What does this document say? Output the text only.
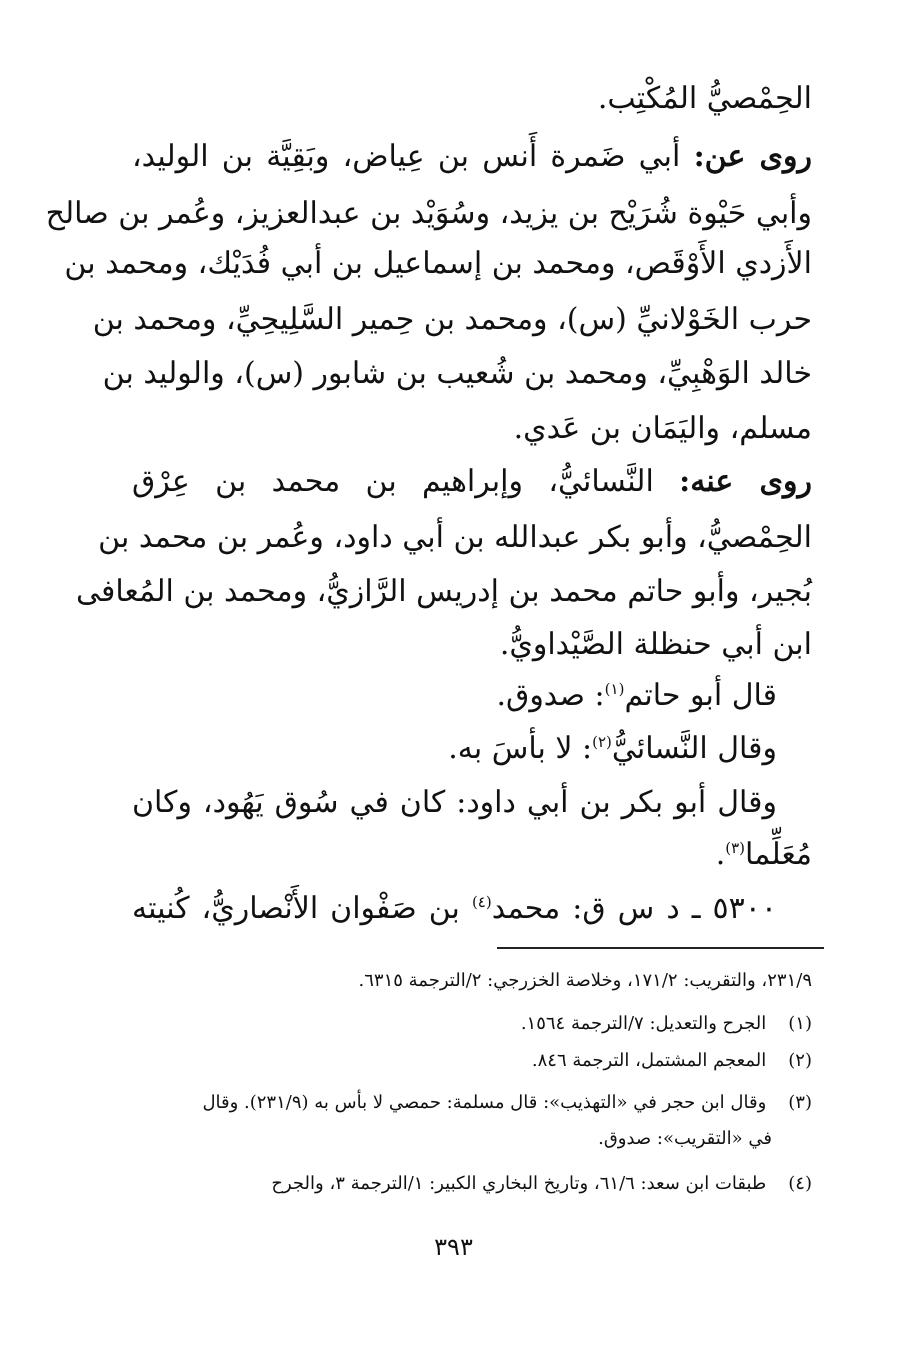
الحِمْصيُّ المُكْتِب.
روى عن: أبي ضَمرة أَنس بن عِياض، وبَقِيَّة بن الوليد،
وأبي حَيْوة شُرَيْح بن يزيد، وسُوَيْد بن عبدالعزيز، وعُمر بن صالح
الأَزدي الأَوْقَص، ومحمد بن إسماعيل بن أبي فُدَيْك، ومحمد بن
حرب الخَوْلانيِّ (س)، ومحمد بن حِمير السَّلِيحِيِّ، ومحمد بن
خالد الوَهْبِيِّ، ومحمد بن شُعيب بن شابور (س)، والوليد بن
مسلم، واليَمَان بن عَدي.
روى عنه: النَّسائيُّ، وإبراهيم بن محمد بن عِرْق
الحِمْصيُّ، وأبو بكر عبدالله بن أبي داود، وعُمر بن محمد بن
بُجير، وأبو حاتم محمد بن إدريس الرَّازيُّ، ومحمد بن المُعافى
ابن أبي حنظلة الصَّيْداويُّ.
قال أبو حاتم$^{(١)}$: صدوق.
وقال النَّسائيُّ$^{(٢)}$: لا بأسَ به.
وقال أبو بكر بن أبي داود: كان في سُوق يَهُود، وكان
مُعَلِّما$^{(٣)}$.
٥٣٠٠ ـ د س ق: محمد$^{(٤)}$ بن صَفْوان الأَنْصاريُّ، كُنيته
٢٣١/٩، والتقريب: ١٧١/٢، وخلاصة الخزرجي: ٢/الترجمة ٦٣١٥.
(١) الجرح والتعديل: ٧/الترجمة ١٥٦٤.
(٢) المعجم المشتمل، الترجمة ٨٤٦.
(٣) وقال ابن حجر في «التهذيب»: قال مسلمة: حمصي لا بأس به (٢٣١/٩). وقال
في «التقريب»: صدوق.
(٤) طبقات ابن سعد: ٦١/٦، وتاريخ البخاري الكبير: ١/الترجمة ٣، والجرح
٣٩٣
